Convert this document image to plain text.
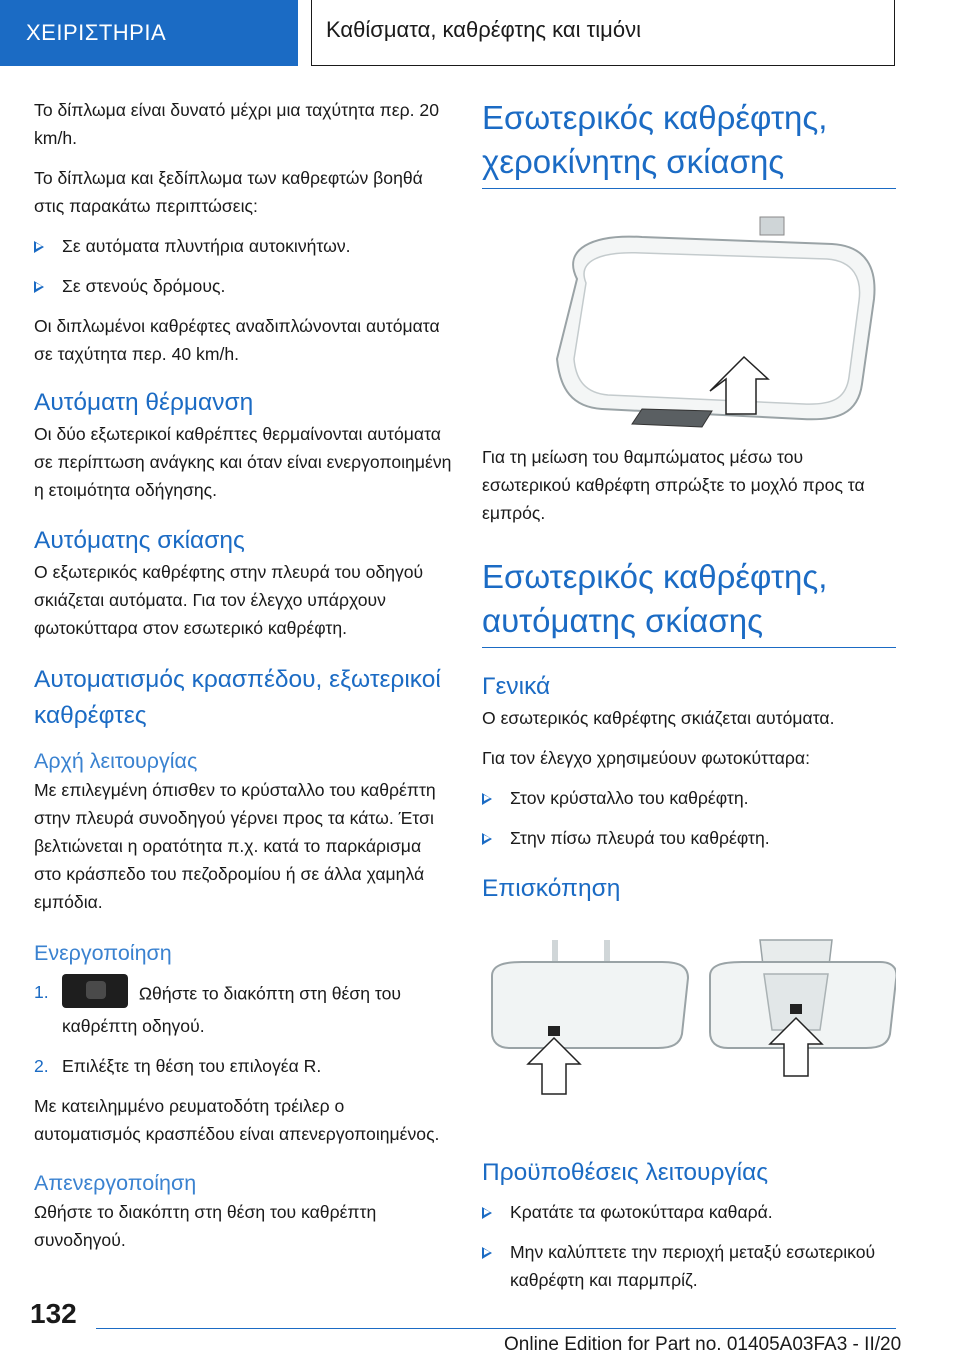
ΧΕΙΡΙΣΤΗΡΙΑ	Καθίσματα, καθρέφτης και τιμόνι

Το δίπλωμα είναι δυνατό μέχρι μια ταχύτητα περ. 20 km/h.

Το δίπλωμα και ξεδίπλωμα των καθρεφτών βοηθά στις παρακάτω περιπτώσεις:

Σε αυτόματα πλυντήρια αυτοκινήτων.
Σε στενούς δρόμους.

Οι διπλωμένοι καθρέφτες αναδιπλώνονται αυτόματα σε ταχύτητα περ. 40 km/h.

Αυτόματη θέρμανση

Οι δύο εξωτερικοί καθρέπτες θερμαίνονται αυτόματα σε περίπτωση ανάγκης και όταν είναι ενεργοποιημένη η ετοιμότητα οδήγησης.

Αυτόματης σκίασης

Ο εξωτερικός καθρέφτης στην πλευρά του οδηγού σκιάζεται αυτόματα. Για τον έλεγχο υπάρχουν φωτοκύτταρα στον εσωτερικό καθρέφτη.

Αυτοματισμός κρασπέδου, εξωτερικοί καθρέφτες
Αρχή λειτουργίας

Με επιλεγμένη όπισθεν το κρύσταλλο του καθρέπτη στην πλευρά συνοδηγού γέρνει προς τα κάτω. Έτσι βελτιώνεται η ορατότητα π.χ. κατά το παρκάρισμα στο κράσπεδο του πεζοδρομίου ή σε άλλα χαμηλά εμπόδια.

Ενεργοποίηση
1.	Ωθήστε το διακόπτη στη θέση του καθρέπτη οδηγού.
2. Επιλέξτε τη θέση του επιλογέα R.

Με κατειλημμένο ρευματοδότη τρέιλερ ο αυτοματισμός κρασπέδου είναι απενεργοποιημένος.

Απενεργοποίηση

Ωθήστε το διακόπτη στη θέση του καθρέπτη συνοδηγού.

Εσωτερικός καθρέφτης, χεροκίνητης σκίασης

Για τη μείωση του θαμπώματος μέσω του εσωτερικού καθρέφτη σπρώξτε το μοχλό προς τα εμπρός.

Εσωτερικός καθρέφτης, αυτόματης σκίασης
Γενικά

Ο εσωτερικός καθρέφτης σκιάζεται αυτόματα.

Για τον έλεγχο χρησιμεύουν φωτοκύτταρα:

Στον κρύσταλλο του καθρέφτη.
Στην πίσω πλευρά του καθρέφτη.
Επισκόπηση
Προϋποθέσεις λειτουργίας
Κρατάτε τα φωτοκύτταρα καθαρά.
Μην καλύπτετε την περιοχή μεταξύ εσωτερικού καθρέφτη και παρμπρίζ.
132
Online Edition for Part no. 01405A03FA3 - II/20
